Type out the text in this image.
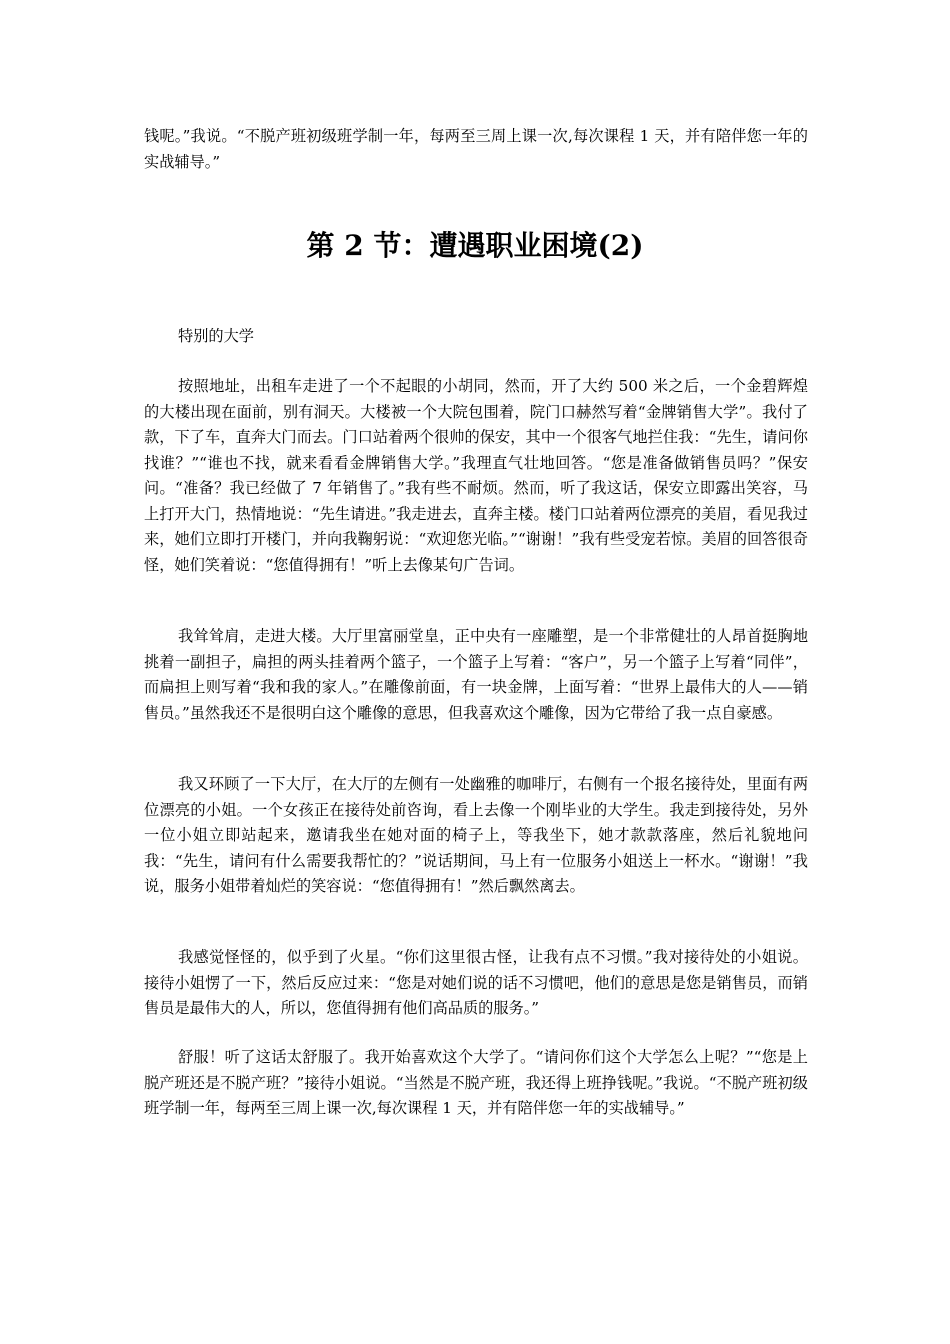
钱呢。”我说。“不脱产班初级班学制一年，每两至三周上课一次,每次课程 1 天，并有陪伴您一年的实战辅导。”

第 2 节：遭遇职业困境(2)

特别的大学

按照地址，出租车走进了一个不起眼的小胡同，然而，开了大约 500 米之后，一个金碧辉煌的大楼出现在面前，别有洞天。大楼被一个大院包围着，院门口赫然写着“金牌销售大学”。我付了款，下了车，直奔大门而去。门口站着两个很帅的保安，其中一个很客气地拦住我：“先生，请问你找谁？”“谁也不找，就来看看金牌销售大学。”我理直气壮地回答。“您是准备做销售员吗？”保安问。“准备？我已经做了 7 年销售了。”我有些不耐烦。然而，听了我这话，保安立即露出笑容，马上打开大门，热情地说：“先生请进。”我走进去，直奔主楼。楼门口站着两位漂亮的美眉，看见我过来，她们立即打开楼门，并向我鞠躬说：“欢迎您光临。”“谢谢！”我有些受宠若惊。美眉的回答很奇怪，她们笑着说：“您值得拥有！”听上去像某句广告词。

我耸耸肩，走进大楼。大厅里富丽堂皇，正中央有一座雕塑，是一个非常健壮的人昂首挺胸地挑着一副担子，扁担的两头挂着两个篮子，一个篮子上写着：“客户”，另一个篮子上写着“同伴”，而扁担上则写着“我和我的家人。”在雕像前面，有一块金牌，上面写着：“世界上最伟大的人——销售员。”虽然我还不是很明白这个雕像的意思，但我喜欢这个雕像，因为它带给了我一点自豪感。

我又环顾了一下大厅，在大厅的左侧有一处幽雅的咖啡厅，右侧有一个报名接待处，里面有两位漂亮的小姐。一个女孩正在接待处前咨询，看上去像一个刚毕业的大学生。我走到接待处，另外一位小姐立即站起来，邀请我坐在她对面的椅子上，等我坐下，她才款款落座，然后礼貌地问我：“先生，请问有什么需要我帮忙的？”说话期间，马上有一位服务小姐送上一杯水。“谢谢！”我说，服务小姐带着灿烂的笑容说：“您值得拥有！”然后飘然离去。

我感觉怪怪的，似乎到了火星。“你们这里很古怪，让我有点不习惯。”我对接待处的小姐说。接待小姐愣了一下，然后反应过来：“您是对她们说的话不习惯吧，他们的意思是您是销售员，而销售员是最伟大的人，所以，您值得拥有他们高品质的服务。”

舒服！听了这话太舒服了。我开始喜欢这个大学了。“请问你们这个大学怎么上呢？”“您是上脱产班还是不脱产班？”接待小姐说。“当然是不脱产班，我还得上班挣钱呢。”我说。“不脱产班初级班学制一年，每两至三周上课一次,每次课程 1 天，并有陪伴您一年的实战辅导。”
